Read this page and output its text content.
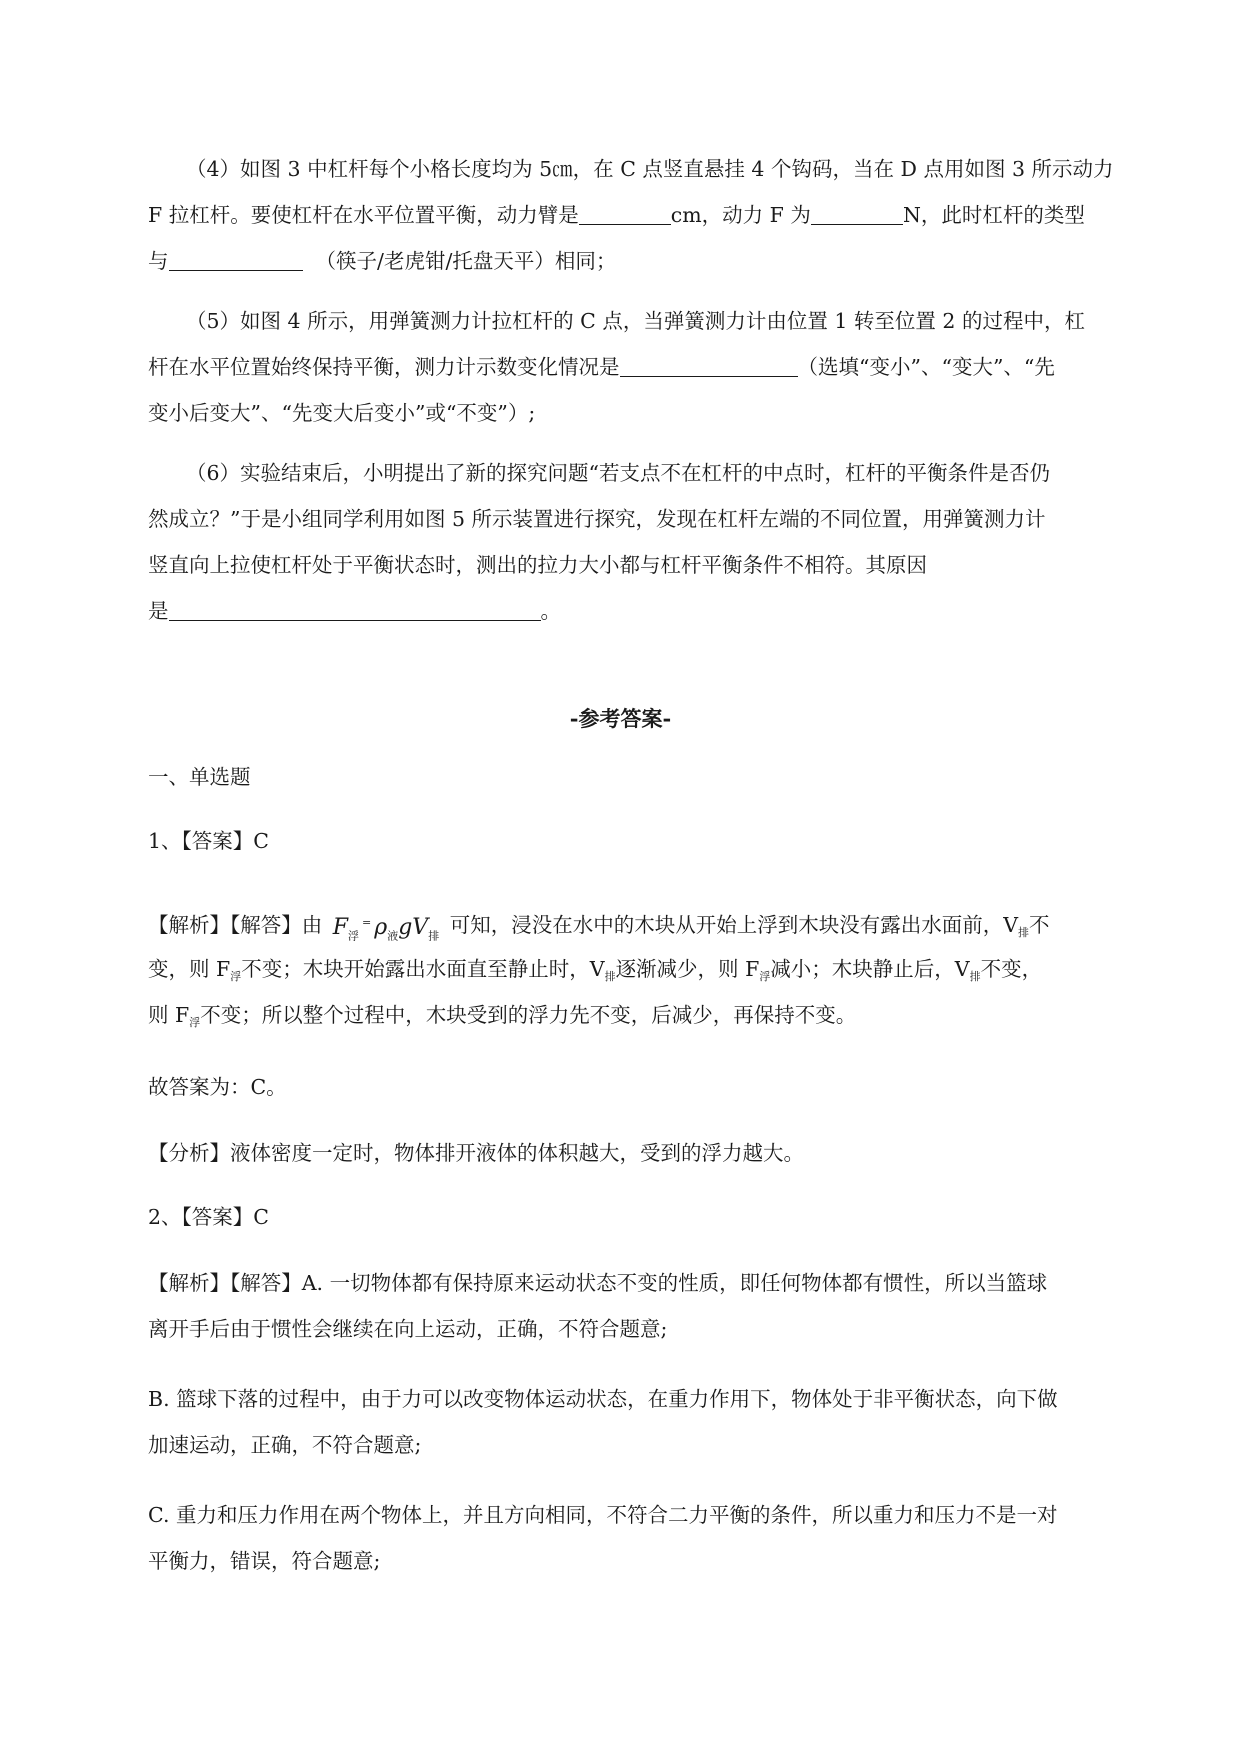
（4）如图 3 中杠杆每个小格长度均为 5㎝，在 C 点竖直悬挂 4 个钩码，当在 D 点用如图 3 所示动力
F 拉杠杆。要使杠杆在水平位置平衡，动力臂是	cm，动力 F 为	N，此时杠杆的类型
与	（筷子/老虎钳/托盘天平）相同；
（5）如图 4 所示，用弹簧测力计拉杠杆的 C 点，当弹簧测力计由位置 1 转至位置 2 的过程中，杠
杆在水平位置始终保持平衡，测力计示数变化情况是	（选填“变小”、“变大”、“先
变小后变大”、“先变大后变小”或“不变”）;
（6）实验结束后，小明提出了新的探究问题“若支点不在杠杆的中点时，杠杆的平衡条件是否仍
然成立？”于是小组同学利用如图 5 所示装置进行探究，发现在杠杆左端的不同位置，用弹簧测力计
竖直向上拉使杠杆处于平衡状态时，测出的拉力大小都与杠杆平衡条件不相符。其原因
是	。
-参考答案-
一、单选题
1、【答案】C
【解析】【解答】由 $F_浮= \rho_液gV_排$ 可知，浸没在水中的木块从开始上浮到木块没有露出水面前，$V_排$不
变，则 $F_浮$不变；木块开始露出水面直至静止时，$V_排$逐渐减少，则 $F_浮$减小；木块静止后，$V_排$不变，
则 $F_浮$不变；所以整个过程中，木块受到的浮力先不变，后减少，再保持不变。
故答案为：C。
【分析】液体密度一定时，物体排开液体的体积越大，受到的浮力越大。
2、【答案】C
【解析】【解答】A. 一切物体都有保持原来运动状态不变的性质，即任何物体都有惯性，所以当篮球
离开手后由于惯性会继续在向上运动，正确，不符合题意;
B. 篮球下落的过程中，由于力可以改变物体运动状态，在重力作用下，物体处于非平衡状态，向下做
加速运动，正确，不符合题意;
C. 重力和压力作用在两个物体上，并且方向相同，不符合二力平衡的条件，所以重力和压力不是一对
平衡力，错误，符合题意;
